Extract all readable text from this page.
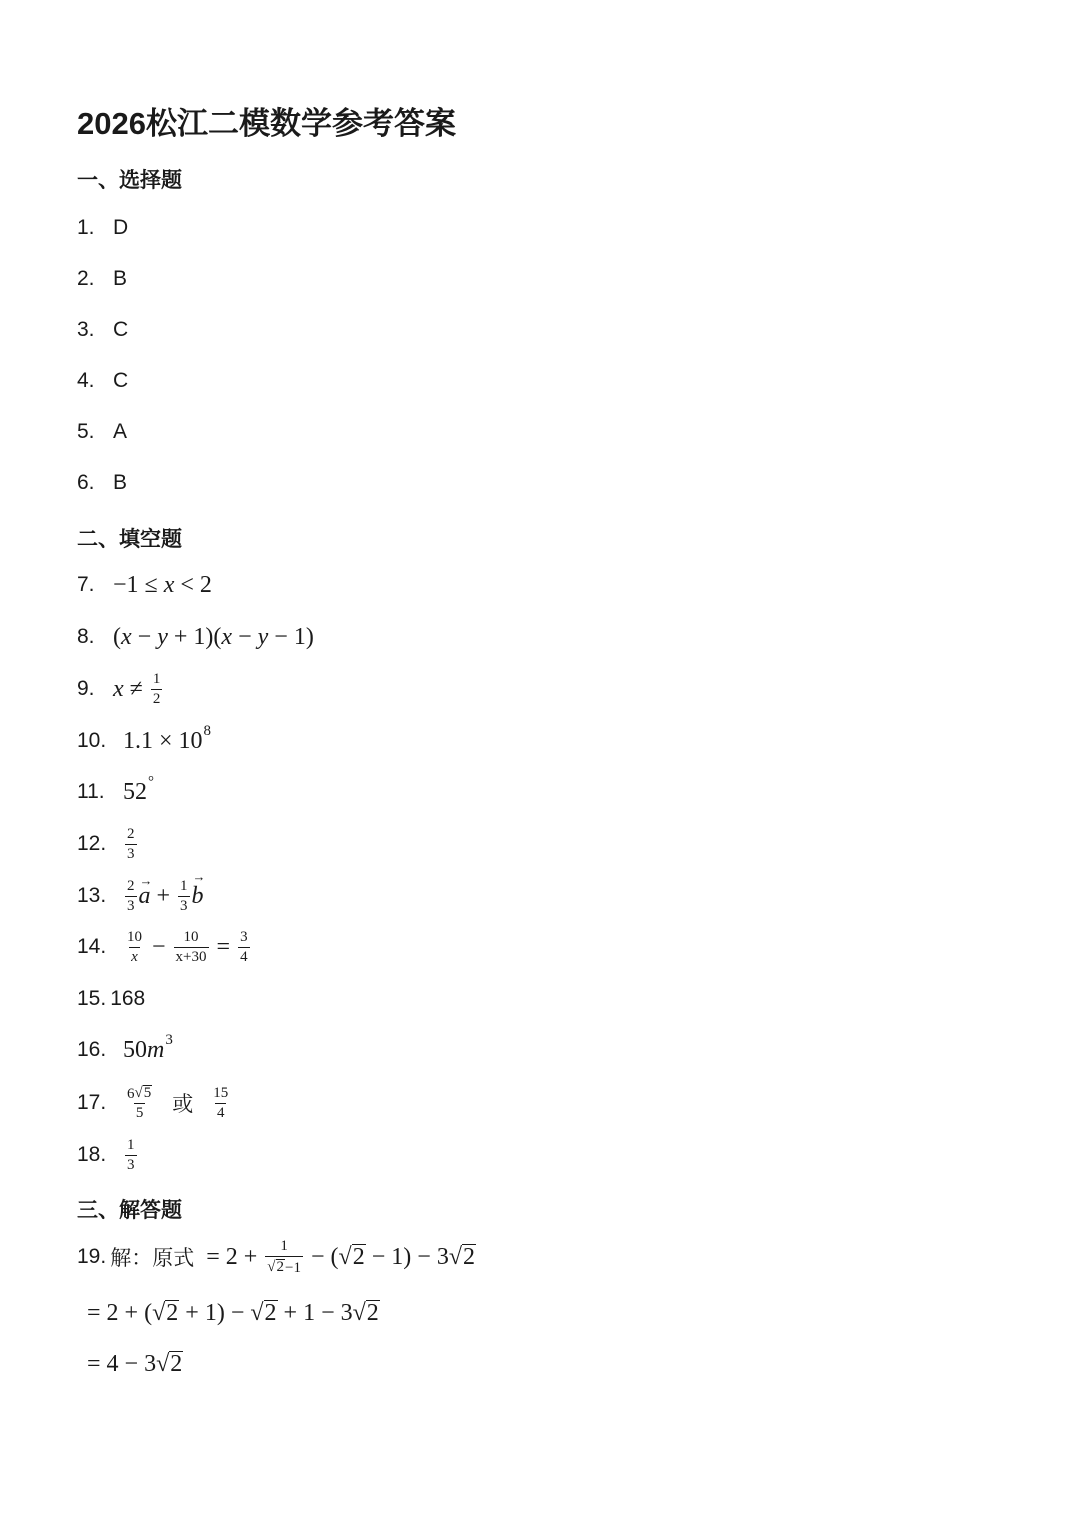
2026松江二模数学参考答案
一、选择题
1. D
2. B
3. C
4. C
5. A
6. B
二、填空题
7. −1 ≤ x < 2
8. ( x − y + 1 ) ( x − y − 1 )
9. $x \ne \frac{1}{2}$
10. 1.1 × 10 8
11. 52 °
12.	$\frac{2}{3}$
13.	$\frac{2}{3}$ →
$a + \frac{1}{3}$
→
b
14.	$\frac{10}{x} - \frac{10}{x+30} = \frac{3}{4}$
15. 168
16. 50 m 3
17.	$\frac{6 √ 5}{5}$ 或 $\frac{15}{4}$
18.	$\frac{1}{3}$
三、解答题
19. 解：原式 = $2 + \frac{1}{√ 2 -1}$ − ( √ 2 − 1 ) − 3 √ 2
= 2 + ( √ 2 + 1 ) − √ 2 + 1 − 3 √ 2
= 4 − 3 √ 2
